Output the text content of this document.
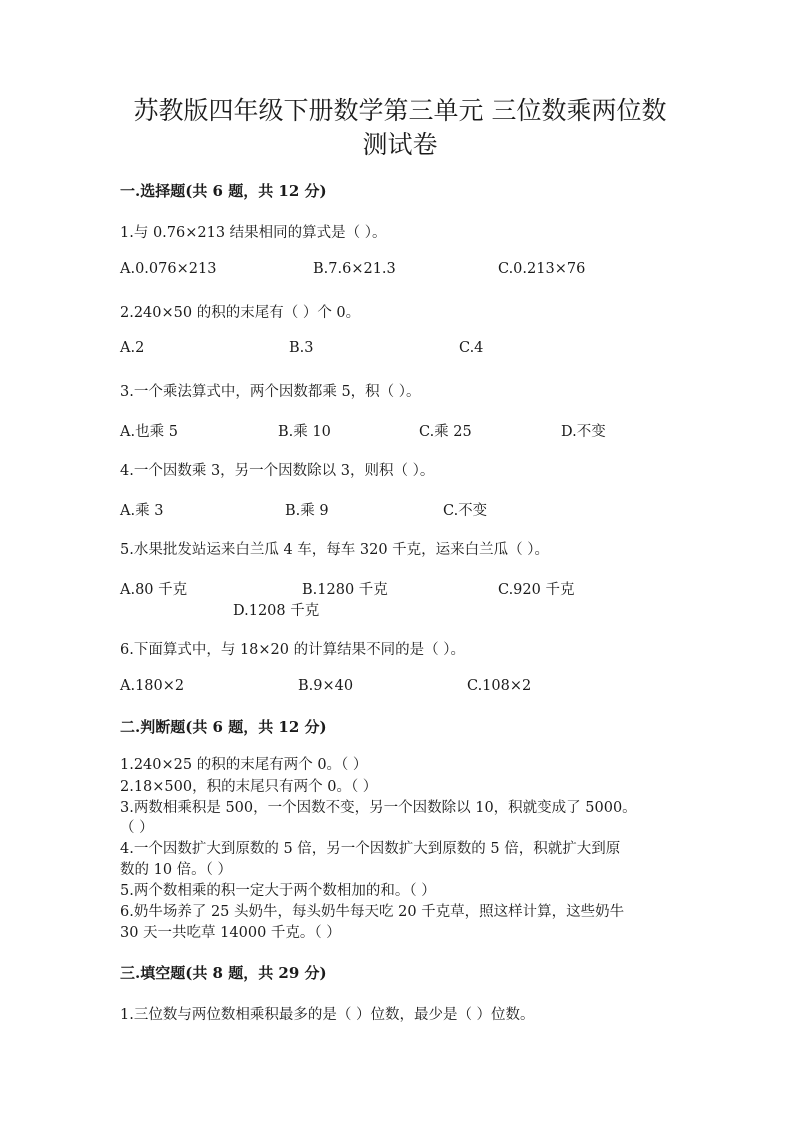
苏教版四年级下册数学第三单元 三位数乘两位数
测试卷
一.选择题(共 6 题，共 12 分)
1.与 0.76×213 结果相同的算式是（ ）。
A.0.076×213	B.7.6×21.3	C.0.213×76
2.240×50 的积的末尾有（ ）个 0。
A.2	B.3	C.4
3.一个乘法算式中，两个因数都乘 5，积（ ）。
A.也乘 5	B.乘 10	C.乘 25	D.不变
4.一个因数乘 3，另一个因数除以 3，则积（ ）。
A.乘 3	B.乘 9	C.不变
5.水果批发站运来白兰瓜 4 车，每车 320 千克，运来白兰瓜（ ）。
A.80 千克	B.1280 千克	C.920 千克
D.1208 千克
6.下面算式中，与 18×20 的计算结果不同的是（ ）。
A.180×2	B.9×40	C.108×2
二.判断题(共 6 题，共 12 分)
1.240×25 的积的末尾有两个 0。（ ）
2.18×500，积的末尾只有两个 0。（ ）
3.两数相乘积是 500，一个因数不变，另一个因数除以 10，积就变成了 5000。
（ ）
4.一个因数扩大到原数的 5 倍，另一个因数扩大到原数的 5 倍，积就扩大到原
数的 10 倍。（ ）
5.两个数相乘的积一定大于两个数相加的和。（ ）
6.奶牛场养了 25 头奶牛，每头奶牛每天吃 20 千克草，照这样计算，这些奶牛
30 天一共吃草 14000 千克。（ ）
三.填空题(共 8 题，共 29 分)
1.三位数与两位数相乘积最多的是（ ）位数，最少是（ ）位数。
